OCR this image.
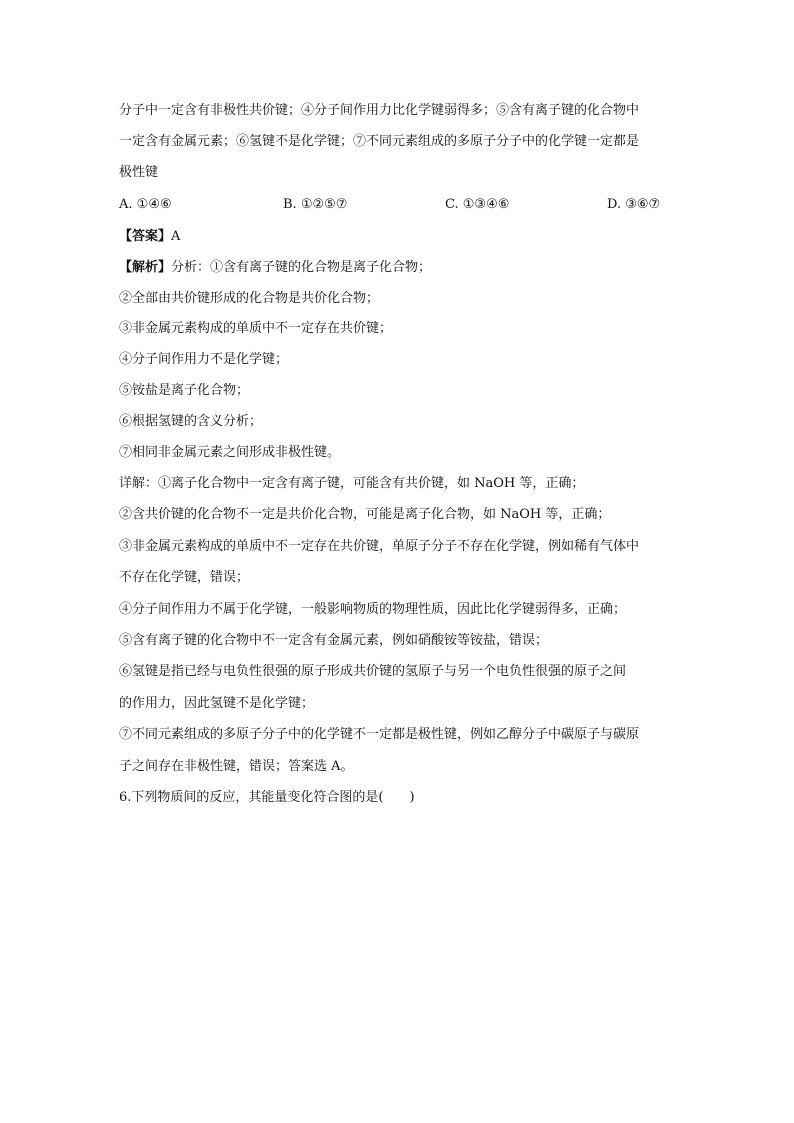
分子中一定含有非极性共价键；④分子间作用力比化学键弱得多；⑤含有离子键的化合物中
一定含有金属元素；⑥氢键不是化学键；⑦不同元素组成的多原子分子中的化学键一定都是
极性键
A. ①④⑥	B. ①②⑤⑦	C. ①③④⑥	D. ③⑥⑦
【答案】A
【解析】分析：①含有离子键的化合物是离子化合物；
②全部由共价键形成的化合物是共价化合物；
③非金属元素构成的单质中不一定存在共价键；
④分子间作用力不是化学键；
⑤铵盐是离子化合物；
⑥根据氢键的含义分析；
⑦相同非金属元素之间形成非极性键。
详解：①离子化合物中一定含有离子键，可能含有共价键，如 NaOH 等，正确；
②含共价键的化合物不一定是共价化合物，可能是离子化合物，如 NaOH 等，正确；
③非金属元素构成的单质中不一定存在共价键，单原子分子不存在化学键，例如稀有气体中
不存在化学键，错误；
④分子间作用力不属于化学键，一般影响物质的物理性质，因此比化学键弱得多，正确；
⑤含有离子键的化合物中不一定含有金属元素，例如硝酸铵等铵盐，错误；
⑥氢键是指已经与电负性很强的原子形成共价键的氢原子与另一个电负性很强的原子之间
的作用力，因此氢键不是化学键；
⑦不同元素组成的多原子分子中的化学键不一定都是极性键，例如乙醇分子中碳原子与碳原
子之间存在非极性键，错误；答案选 A。
6.下列物质间的反应，其能量变化符合图的是(　　)
